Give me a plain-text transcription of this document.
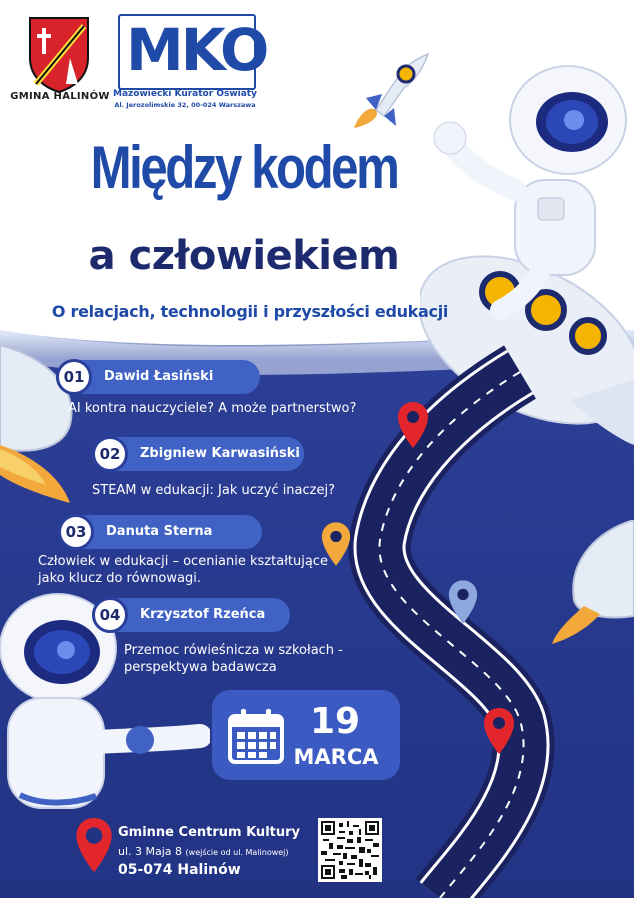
GMINA HALINÓW
MKO
Mazowiecki Kurator Oświaty
Al. Jerozolimskie 32, 00-024 Warszawa
Między kodem
a człowiekiem
O relacjach, technologii i przyszłości edukacji
Dawid Łasiński
01
AI kontra nauczyciele? A może partnerstwo?
Zbigniew Karwasiński
02
STEAM w edukacji: Jak uczyć inaczej?
Danuta Sterna
03
Człowiek w edukacji – ocenianie kształtujące
jako klucz do równowagi.
Krzysztof Rzeńca
04
Przemoc rówieśnicza w szkołach -
perspektywa badawcza
19
MARCA
Gminne Centrum Kultury
ul. 3 Maja 8 (wejście od ul. Malinowej)
05-074 Halinów
